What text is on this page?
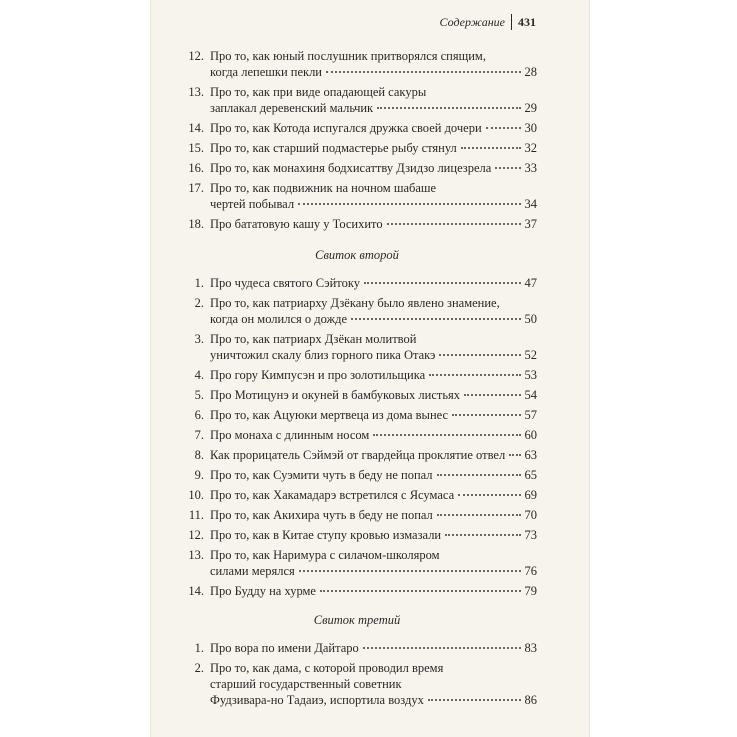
Содержание 431
12. Про то, как юный послушник притворялся спящим,
когда лепешки пекли	28
13. Про то, как при виде опадающей сакуры
заплакал деревенский мальчик	29
14. Про то, как Котода испугался дружка своей дочери	30
15. Про то, как старший подмастерье рыбу стянул	32
16. Про то, как монахиня бодхисаттву Дзидзо лицезрела	33
17. Про то, как подвижник на ночном шабаше
чертей побывал	34
18. Про бататовую кашу у Тосихито	37
Свиток второй
1. Про чудеса святого Сэйтоку	47
2. Про то, как патриарху Дзёкану было явлено знамение,
когда он молился о дожде	50
3. Про то, как патриарх Дзёкан молитвой
уничтожил скалу близ горного пика Отакэ	52
4. Про гору Кимпусэн и про золотильщика	53
5. Про Мотицунэ и окуней в бамбуковых листьях	54
6. Про то, как Ацуюки мертвеца из дома вынес	57
7. Про монаха с длинным носом	60
8. Как прорицатель Сэймэй от гвардейца проклятие отвел 63
9. Про то, как Суэмити чуть в беду не попал	65
10. Про то, как Хакамадарэ встретился с Ясумаса	69
11. Про то, как Акихира чуть в беду не попал	70
12. Про то, как в Китае ступу кровью измазали	73
13. Про то, как Наримура с силачом-школяром
силами мерялся	76
14. Про Будду на хурме	79
Свиток третий
1. Про вора по имени Дайтаро	83
2. Про то, как дама, с которой проводил время
старший государственный советник
Фудзивара-но Тадаиэ, испортила воздух	86
